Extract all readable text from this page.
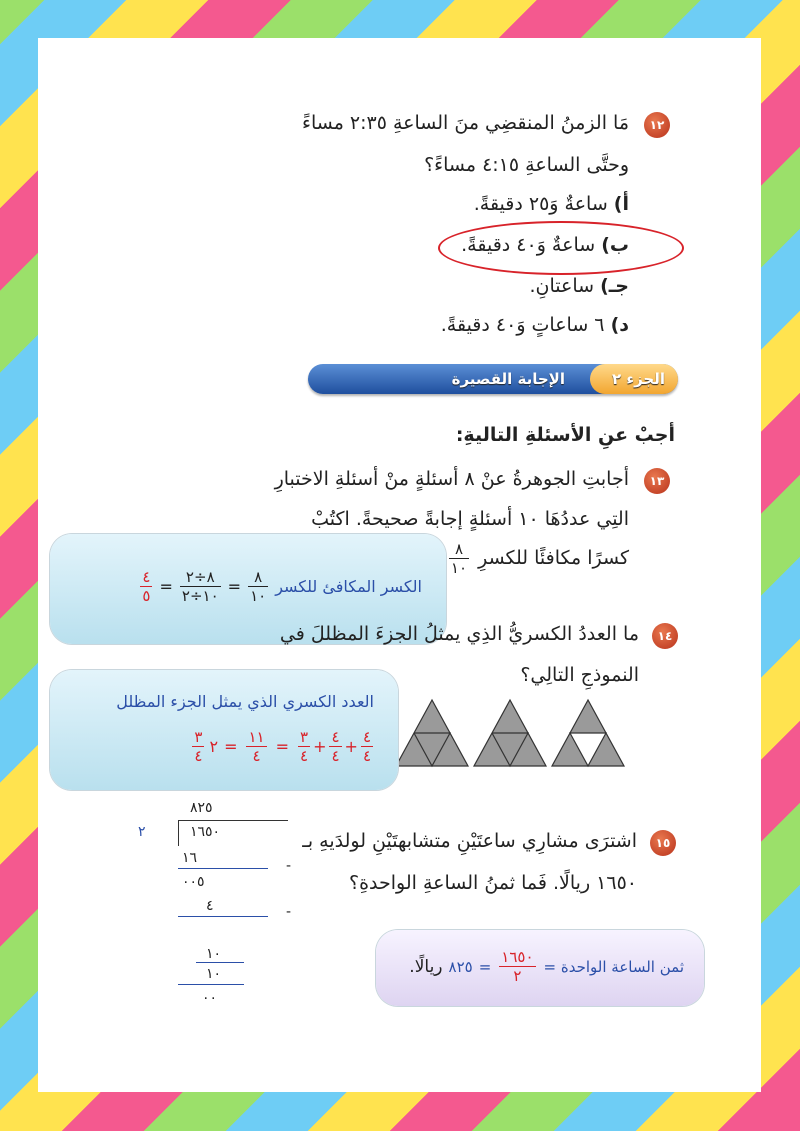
١٢
مَا الزمنُ المنقضِي منَ الساعةِ ٢:٣٥ مساءً
وحتَّى الساعةِ ٤:١٥ مساءً؟
أ) ساعةٌ وَ٢٥ دقيقةً.
ب) ساعةٌ وَ٤٠ دقيقةً.
جـ) ساعتانِ.
د) ٦ ساعاتٍ وَ٤٠ دقيقةً.
الجزء ٢
الإجابة القصيرة
أجبْ عنِ الأسئلةِ التاليةِ:
١٣
أجابتِ الجوهرةُ عنْ ٨ أسئلةٍ منْ أسئلةِ الاختبارِ
التِي عددُهَا ١٠ أسئلةٍ إجابةً صحيحةً. اكتُبْ
كسرًا مكافئًا للكسرِ
$\frac{٨}{١٠}$
الكسر المكافئ للكسر
$\frac{٨}{١٠}$
=
$\frac{٨\div ٢}{١٠\div ٢}$
=
$\frac{٤}{٥}$
١٤
ما العددُ الكسريُّ الذِي يمثلُ الجزءَ المظللَ في
النموذجِ التالِي؟
العدد الكسري الذي يمثل الجزء المظلل
$\frac{٤}{٤}$
+
$\frac{٤}{٤}$
+
$\frac{٣}{٤}$
=
$\frac{١١}{٤}$
=
٢
$\frac{٣}{٤}$
٨٢٥
٢	١٦٥٠
١٦	-
٠٠٥
٤	-
١٠
١٠
٠٠
١٥
اشترَى مشارِي ساعتَيْنِ متشابهتَيْنِ لولدَيهِ بـ
١٦٥٠ ريالًا. فَما ثمنُ الساعةِ الواحدةِ؟
ثمن الساعة الواحدة =
$\frac{١٦٥٠}{٢}$
=
٨٢٥
ريالًا.
